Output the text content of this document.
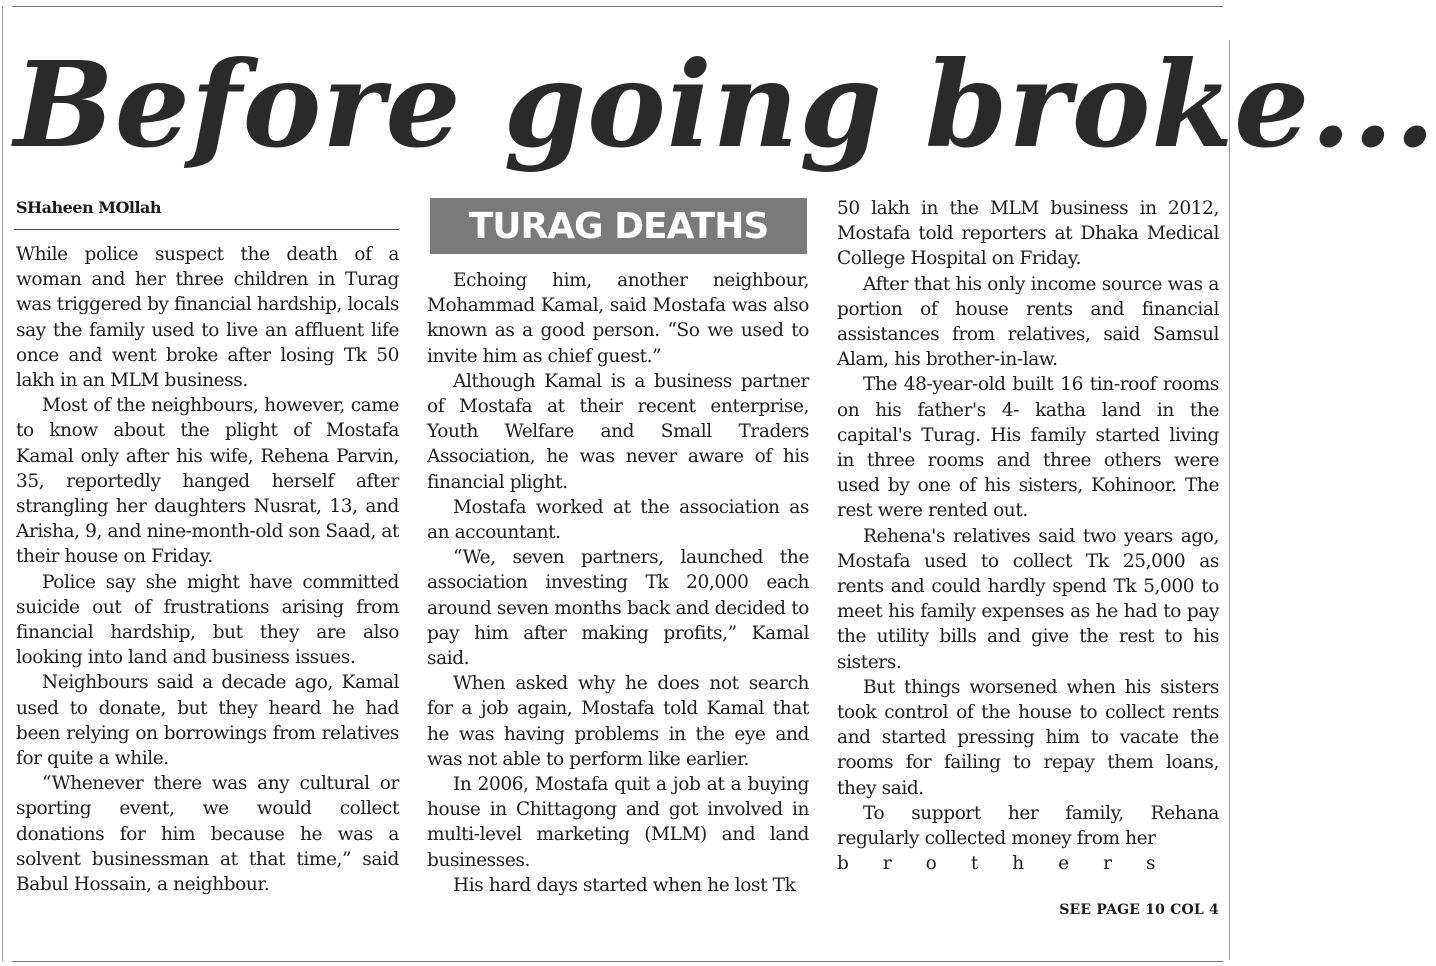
Before going broke...
SHaheen MOllah	TURAG DEATHS

While police suspect the death of a woman and her three children in Turag was triggered by financial hardship, locals say the family used to live an affluent life once and went broke after losing Tk 50 lakh in an MLM business.

Most of the neighbours, however, came to know about the plight of Mostafa Kamal only after his wife, Rehena Parvin, 35, reportedly hanged herself after strangling her daughters Nusrat, 13, and Arisha, 9, and nine-month-old son Saad, at their house on Friday.

Police say she might have committed suicide out of frustrations arising from financial hardship, but they are also looking into land and business issues.

Neighbours said a decade ago, Kamal used to donate, but they heard he had been relying on borrowings from relatives for quite a while.

“Whenever there was any cultural or sporting event, we would collect donations for him because he was a solvent businessman at that time,” said Babul Hossain, a neighbour.

Echoing him, another neighbour, Mohammad Kamal, said Mostafa was also known as a good person. “So we used to invite him as chief guest.”

Although Kamal is a business partner of Mostafa at their recent enterprise, Youth Welfare and Small Traders Association, he was never aware of his financial plight.

Mostafa worked at the association as an accountant.

“We, seven partners, launched the association investing Tk 20,000 each around seven months back and decided to pay him after making profits,” Kamal said.

When asked why he does not search for a job again, Mostafa told Kamal that he was having problems in the eye and was not able to perform like earlier.

In 2006, Mostafa quit a job at a buying house in Chittagong and got involved in multi-level marketing (MLM) and land businesses.

His hard days started when he lost Tk

50 lakh in the MLM business in 2012, Mostafa told reporters at Dhaka Medical College Hospital on Friday.

After that his only income source was a portion of house rents and financial assistances from relatives, said Samsul Alam, his brother-in-law.

The 48-year-old built 16 tin-roof rooms on his father's 4- katha land in the capital's Turag. His family started living in three rooms and three others were used by one of his sisters, Kohinoor. The rest were rented out.

Rehena's relatives said two years ago, Mostafa used to collect Tk 25,000 as rents and could hardly spend Tk 5,000 to meet his family expenses as he had to pay the utility bills and give the rest to his sisters.

But things worsened when his sisters took control of the house to collect rents and started pressing him to vacate the rooms for failing to repay them loans, they said.

To support her family, Rehana regularly collected money from her

brothers

SEE PAGE 10 COL 4
